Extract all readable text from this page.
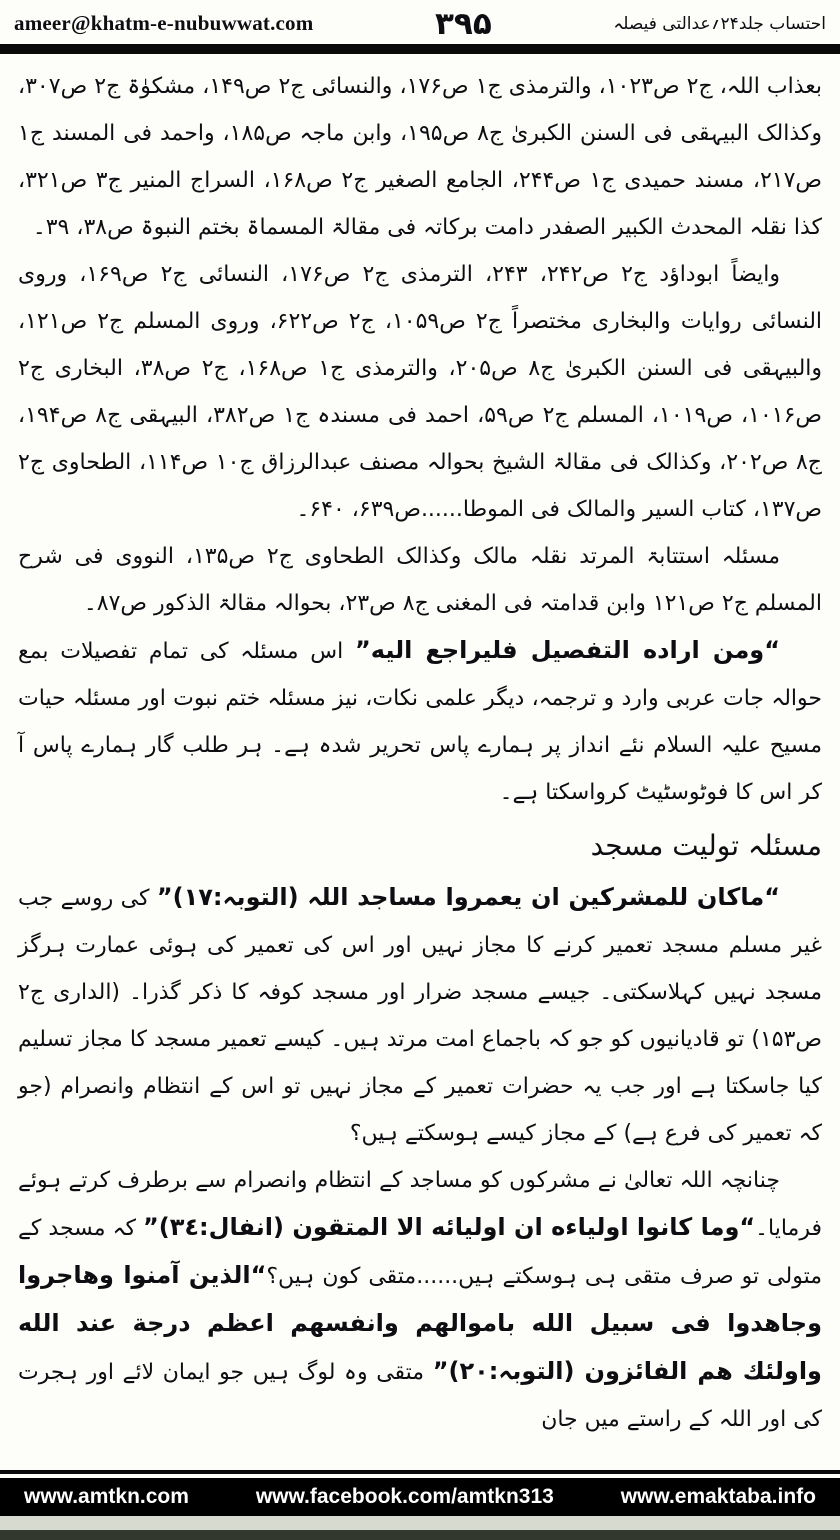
ameer@khatm-e-nubuwwat.com	۳۹۵	احتساب جلد۲۴؍عدالتی فیصلہ

بعذاب اللہ، ج۲ ص۱۰۲۳، والترمذی ج۱ ص۱۷۶، والنسائی ج۲ ص۱۴۹، مشکوٰۃ ج۲ ص۳۰۷، وکذالک البیہقی فی السنن الکبریٰ ج۸ ص۱۹۵، وابن ماجہ ص۱۸۵، واحمد فی المسند ج۱ ص۲۱۷، مسند حمیدی ج۱ ص۲۴۴، الجامع الصغیر ج۲ ص۱۶۸، السراج المنیر ج۳ ص۳۲۱، کذا نقلہ المحدث الکبیر الصفدر دامت برکاتہ فی مقالۃ المسماۃ بختم النبوۃ ص۳۸، ۳۹۔

وایضاً ابوداؤد ج۲ ص۲۴۲، ۲۴۳، الترمذی ج۲ ص۱۷۶، النسائی ج۲ ص۱۶۹، وروی النسائی روایات والبخاری مختصراً ج۲ ص۱۰۵۹، ج۲ ص۶۲۲، وروی المسلم ج۲ ص۱۲۱، والبیہقی فی السنن الکبریٰ ج۸ ص۲۰۵، والترمذی ج۱ ص۱۶۸، ج۲ ص۳۸، البخاری ج۲ ص۱۰۱۶، ص۱۰۱۹، المسلم ج۲ ص۵۹، احمد فی مسندہ ج۱ ص۳۸۲، البیہقی ج۸ ص۱۹۴، ج۸ ص۲۰۲، وکذالک فی مقالۃ الشیخ بحوالہ مصنف عبدالرزاق ج۱۰ ص۱۱۴، الطحاوی ج۲ ص۱۳۷، کتاب السیر والمالک فی الموطا......ص۶۳۹، ۶۴۰۔

مسئلہ استتابۃ المرتد نقلہ مالک وکذالک الطحاوی ج۲ ص۱۳۵، النووی فی شرح المسلم ج۲ ص۱۲۱ وابن قدامتہ فی المغنی ج۸ ص۲۳، بحوالہ مقالۃ الذکور ص۸۷۔

“ومن اراده التفصیل فلیراجع الیه” اس مسئلہ کی تمام تفصیلات بمع حوالہ جات عربی وارد و ترجمہ، دیگر علمی نکات، نیز مسئلہ ختم نبوت اور مسئلہ حیات مسیح علیہ السلام نئے انداز پر ہمارے پاس تحریر شدہ ہے۔ ہر طلب گار ہمارے پاس آ کر اس کا فوٹوسٹیٹ کرواسکتا ہے۔

مسئلہ تولیت مسجد

“ماکان للمشرکین ان یعمروا مساجد اللہ (التوبہ:۱۷)” کی روسے جب غیر مسلم مسجد تعمیر کرنے کا مجاز نہیں اور اس کی تعمیر کی ہوئی عمارت ہرگز مسجد نہیں کہلاسکتی۔ جیسے مسجد ضرار اور مسجد کوفہ کا ذکر گذرا۔ (الداری ج۲ ص۱۵۳) تو قادیانیوں کو جو کہ باجماع امت مرتد ہیں۔ کیسے تعمیر مسجد کا مجاز تسلیم کیا جاسکتا ہے اور جب یہ حضرات تعمیر کے مجاز نہیں تو اس کے انتظام وانصرام (جو کہ تعمیر کی فرع ہے) کے مجاز کیسے ہوسکتے ہیں؟

چنانچہ اللہ تعالیٰ نے مشرکوں کو مساجد کے انتظام وانصرام سے برطرف کرتے ہوئے فرمایا۔“وما کانوا اولیاءه ان اولیائه الا المتقون (انفال:۳٤)” کہ مسجد کے متولی تو صرف متقی ہی ہوسکتے ہیں......متقی کون ہیں؟“الذین آمنوا وهاجروا وجاهدوا فی سبیل الله باموالهم وانفسهم اعظم درجة عند الله واولئك هم الفائزون (التوبہ:۲۰)” متقی وہ لوگ ہیں جو ایمان لائے اور ہجرت کی اور اللہ کے راستے میں جان

www.amtkn.com	www.facebook.com/amtkn313	www.emaktaba.info
